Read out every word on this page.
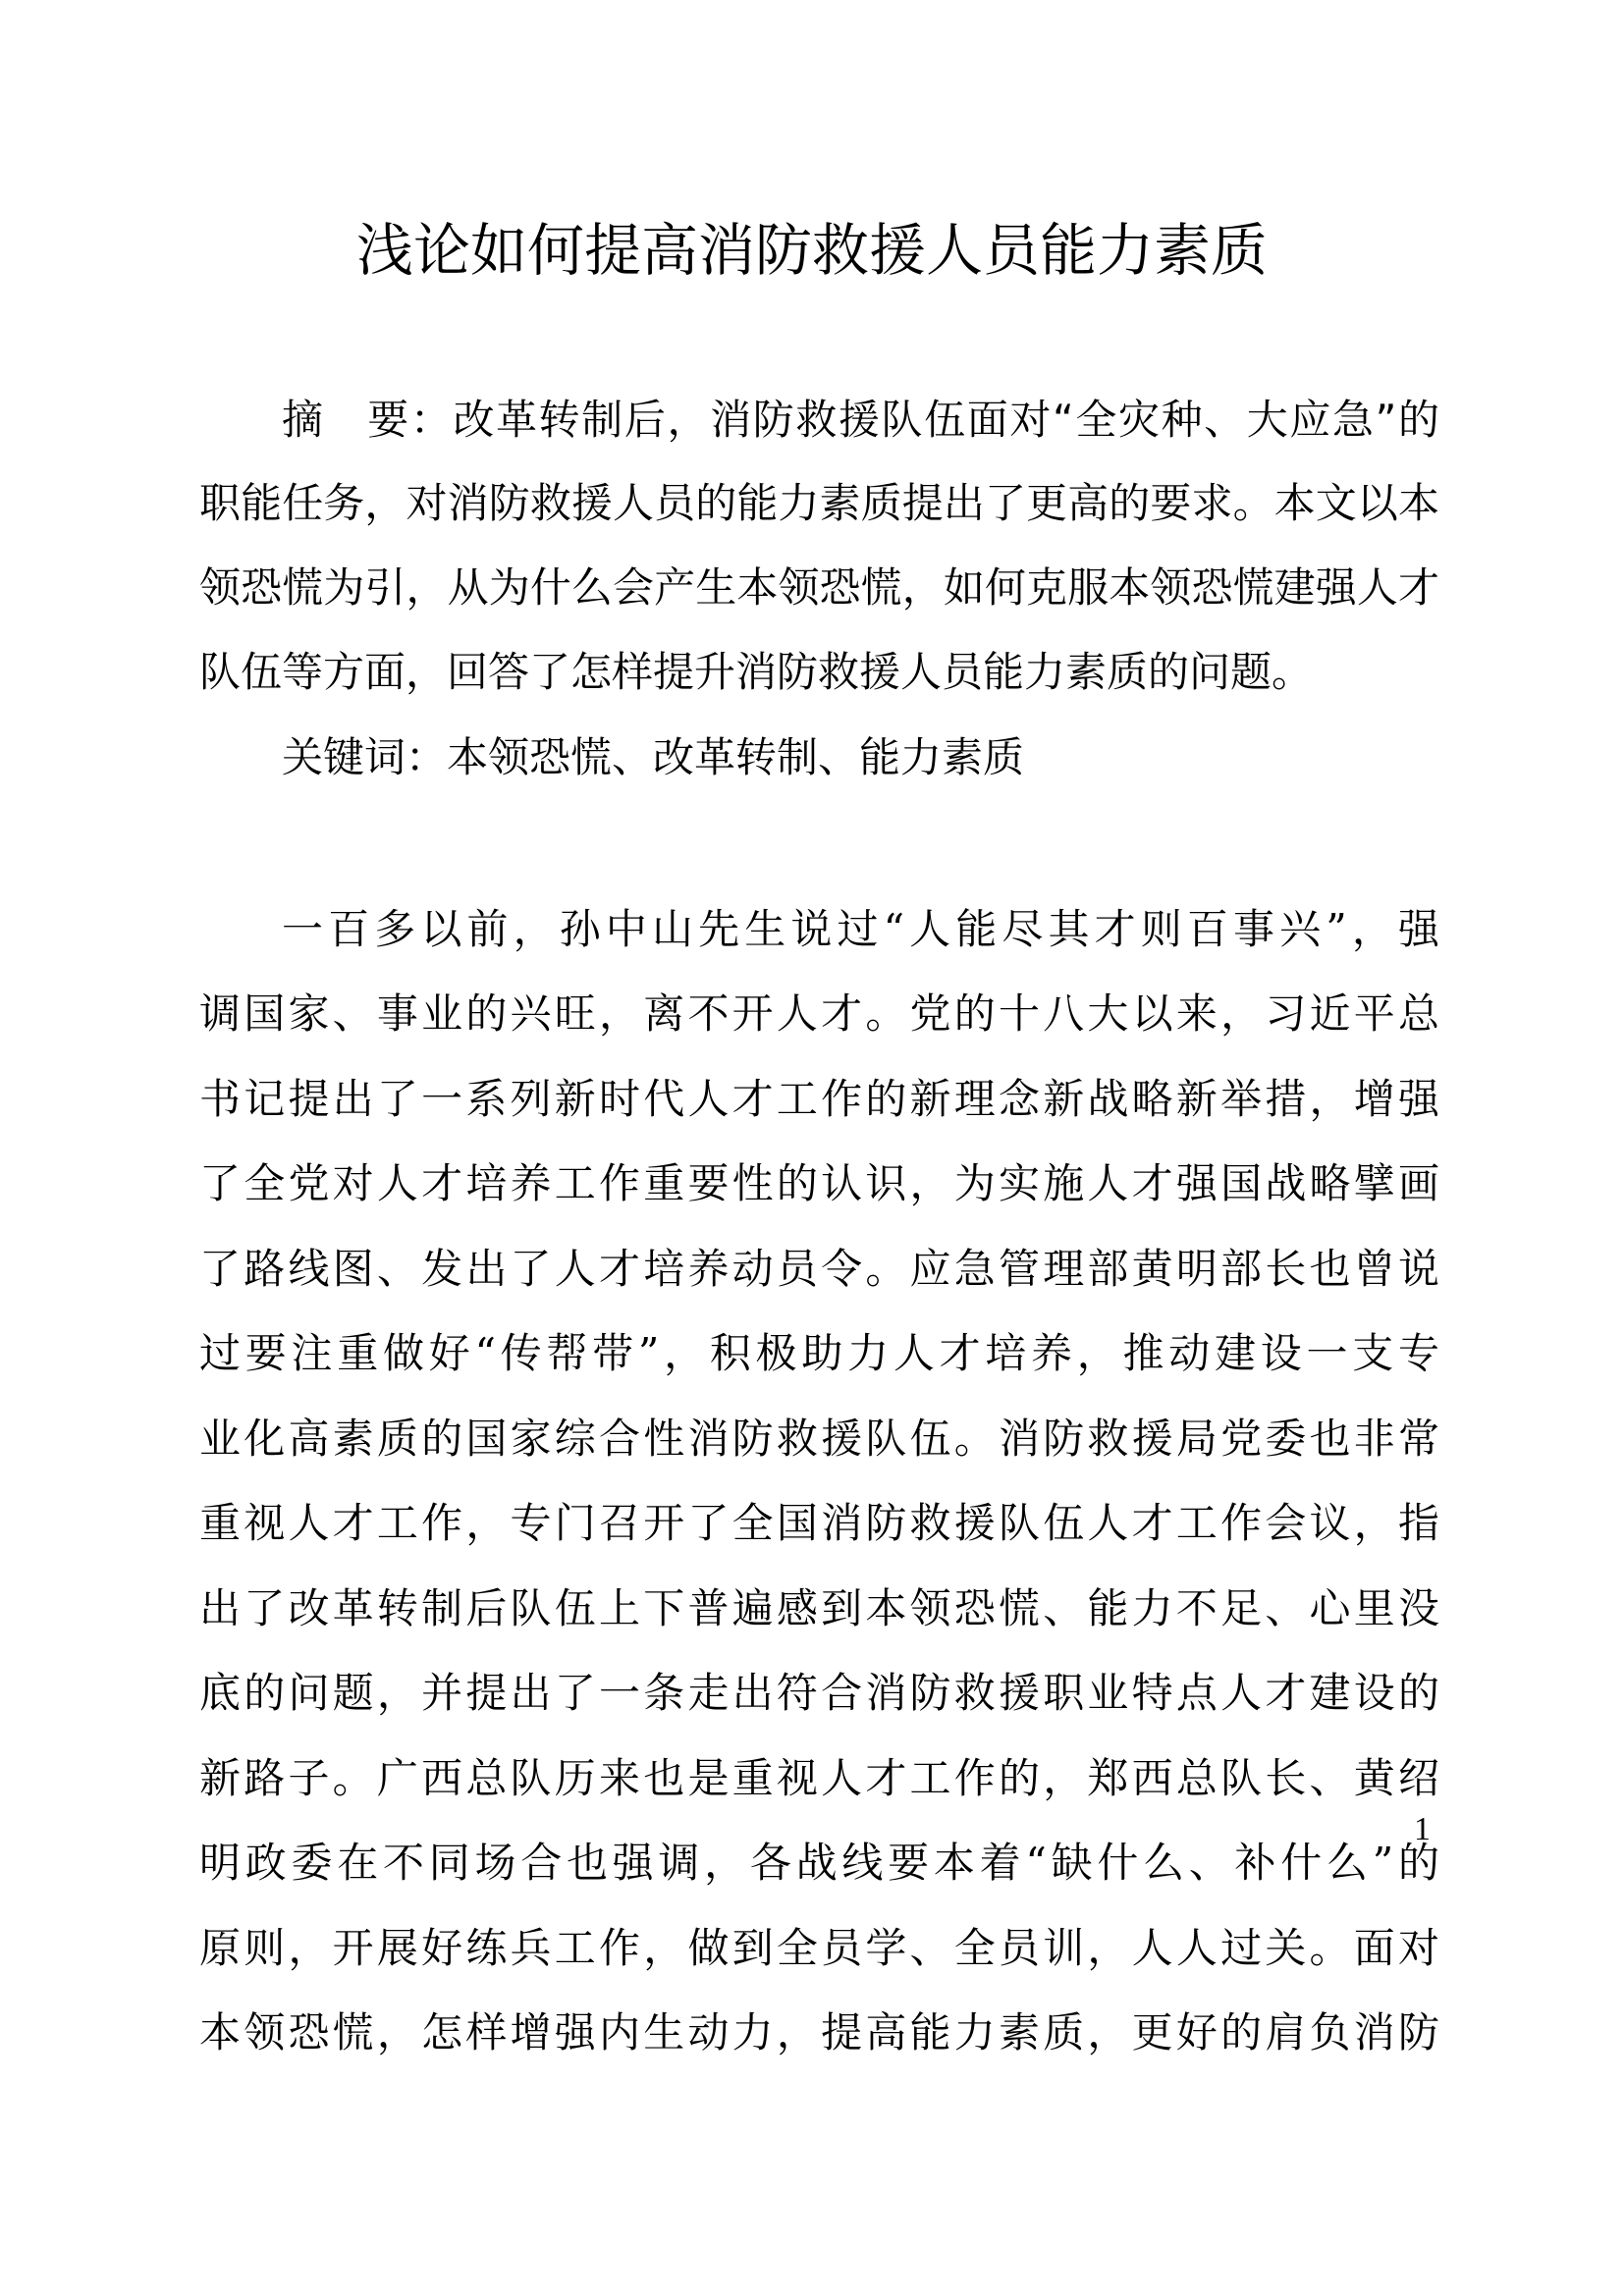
浅论如何提高消防救援人员能力素质
摘　要：改革转制后，消防救援队伍面对“全灾种、大应急”的
职能任务，对消防救援人员的能力素质提出了更高的要求。本文以本
领恐慌为引，从为什么会产生本领恐慌，如何克服本领恐慌建强人才
队伍等方面，回答了怎样提升消防救援人员能力素质的问题。
关键词：本领恐慌、改革转制、能力素质
一百多以前，孙中山先生说过“人能尽其才则百事兴”，强
调国家、事业的兴旺，离不开人才。党的十八大以来，习近平总
书记提出了一系列新时代人才工作的新理念新战略新举措，增强
了全党对人才培养工作重要性的认识，为实施人才强国战略擘画
了路线图、发出了人才培养动员令。应急管理部黄明部长也曾说
过要注重做好“传帮带”，积极助力人才培养，推动建设一支专
业化高素质的国家综合性消防救援队伍。消防救援局党委也非常
重视人才工作，专门召开了全国消防救援队伍人才工作会议，指
出了改革转制后队伍上下普遍感到本领恐慌、能力不足、心里没
底的问题，并提出了一条走出符合消防救援职业特点人才建设的
新路子。广西总队历来也是重视人才工作的，郑西总队长、黄绍
明政委在不同场合也强调，各战线要本着“缺什么、补什么”的
原则，开展好练兵工作，做到全员学、全员训，人人过关。面对
本领恐慌，怎样增强内生动力，提高能力素质，更好的肩负消防
1
